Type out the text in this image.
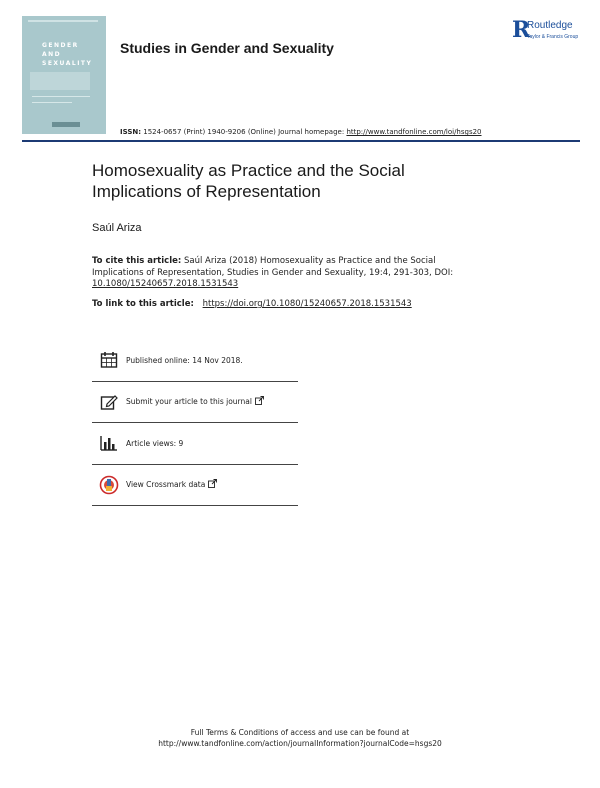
GENDER
AND
SEXUALITY
Studies in Gender and Sexuality
R
Routledge
Taylor & Francis Group
ISSN: 1524-0657 (Print) 1940-9206 (Online) Journal homepage: http://www.tandfonline.com/loi/hsgs20
Homosexuality as Practice and the Social Implications of Representation
Saúl Ariza
To cite this article: Saúl Ariza (2018) Homosexuality as Practice and the Social Implications of Representation, Studies in Gender and Sexuality, 19:4, 291-303, DOI:
10.1080/15240657.2018.1531543
To link to this article: https://doi.org/10.1080/15240657.2018.1531543
Published online: 14 Nov 2018.
Submit your article to this journal
Article views: 9
View Crossmark data
Full Terms & Conditions of access and use can be found at
http://www.tandfonline.com/action/journalInformation?journalCode=hsgs20
